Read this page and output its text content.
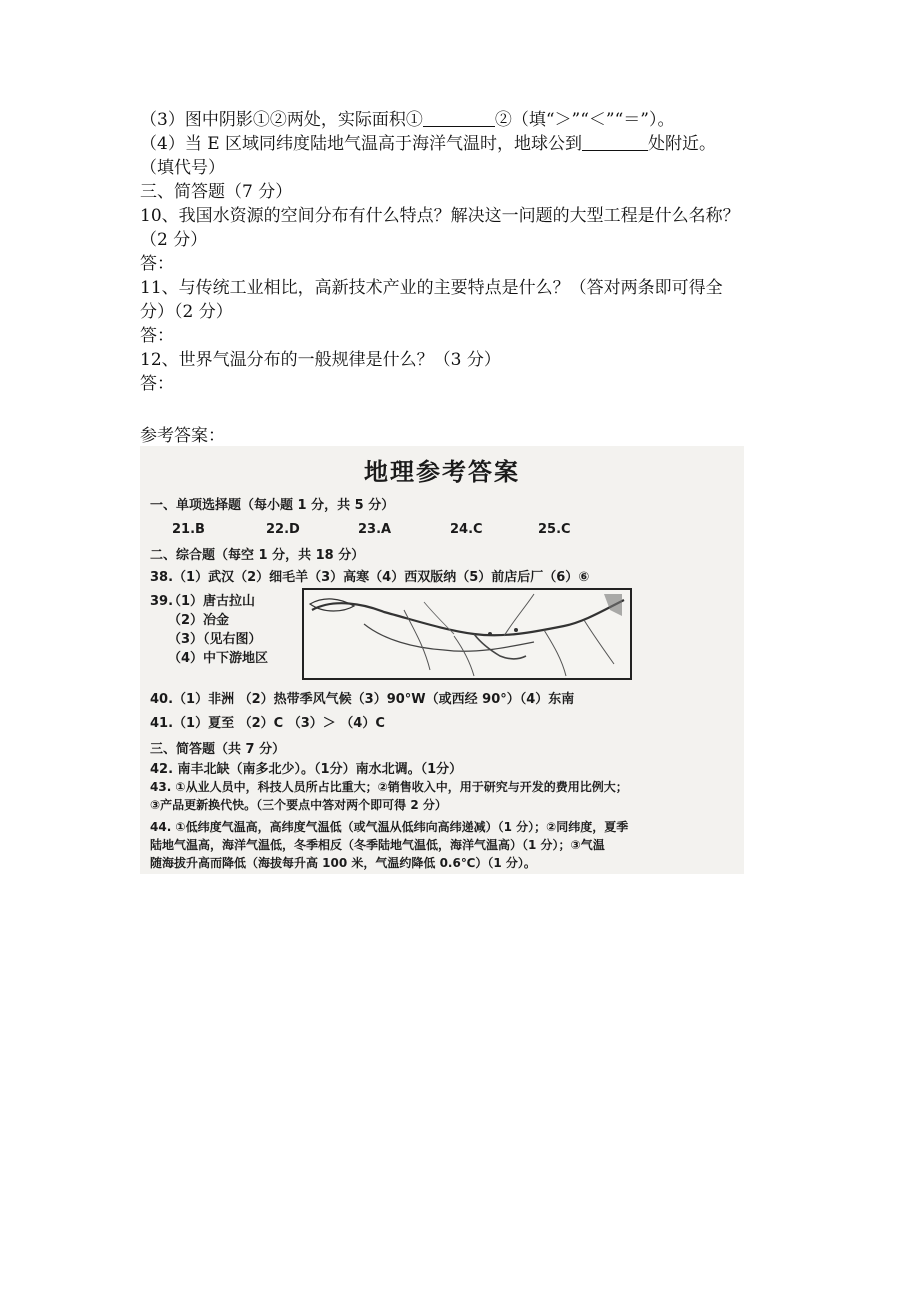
（3）图中阴影①②两处，实际面积①	②（填“＞”“＜”“＝”）。
（4）当 E 区域同纬度陆地气温高于海洋气温时，地球公到	处附近。
（填代号）
三、简答题（7 分）
10、我国水资源的空间分布有什么特点？解决这一问题的大型工程是什么名称？
（2 分）
答：
11、与传统工业相比，高新技术产业的主要特点是什么？（答对两条即可得全
分）（2 分）
答：
12、世界气温分布的一般规律是什么？（3 分）
答：
参考答案：
地理参考答案
一、单项选择题（每小题 1 分，共 5 分）
21.B	22.D	23.A	24.C	25.C
二、综合题（每空 1 分，共 18 分）
38.（1）武汉（2）细毛羊（3）高寒（4）西双版纳（5）前店后厂（6）⑥
39.
（1）唐古拉山
（2）冶金
（3）（见右图）
（4）中下游地区
40.（1）非洲 （2）热带季风气候（3）90°W（或西经 90°）（4）东南
41.（1）夏至 （2）C （3）＞ （4）C
三、简答题（共 7 分）
42. 南丰北缺（南多北少）。（1分）南水北调。（1分）
43. ①从业人员中，科技人员所占比重大；②销售收入中，用于研究与开发的费用比例大；
③产品更新换代快。（三个要点中答对两个即可得 2 分）
44. ①低纬度气温高，高纬度气温低（或气温从低纬向高纬递减）（1 分）；②同纬度，夏季
陆地气温高，海洋气温低，冬季相反（冬季陆地气温低，海洋气温高）（1 分）；③气温
随海拔升高而降低（海拔每升高 100 米，气温约降低 0.6℃）（1 分）。
